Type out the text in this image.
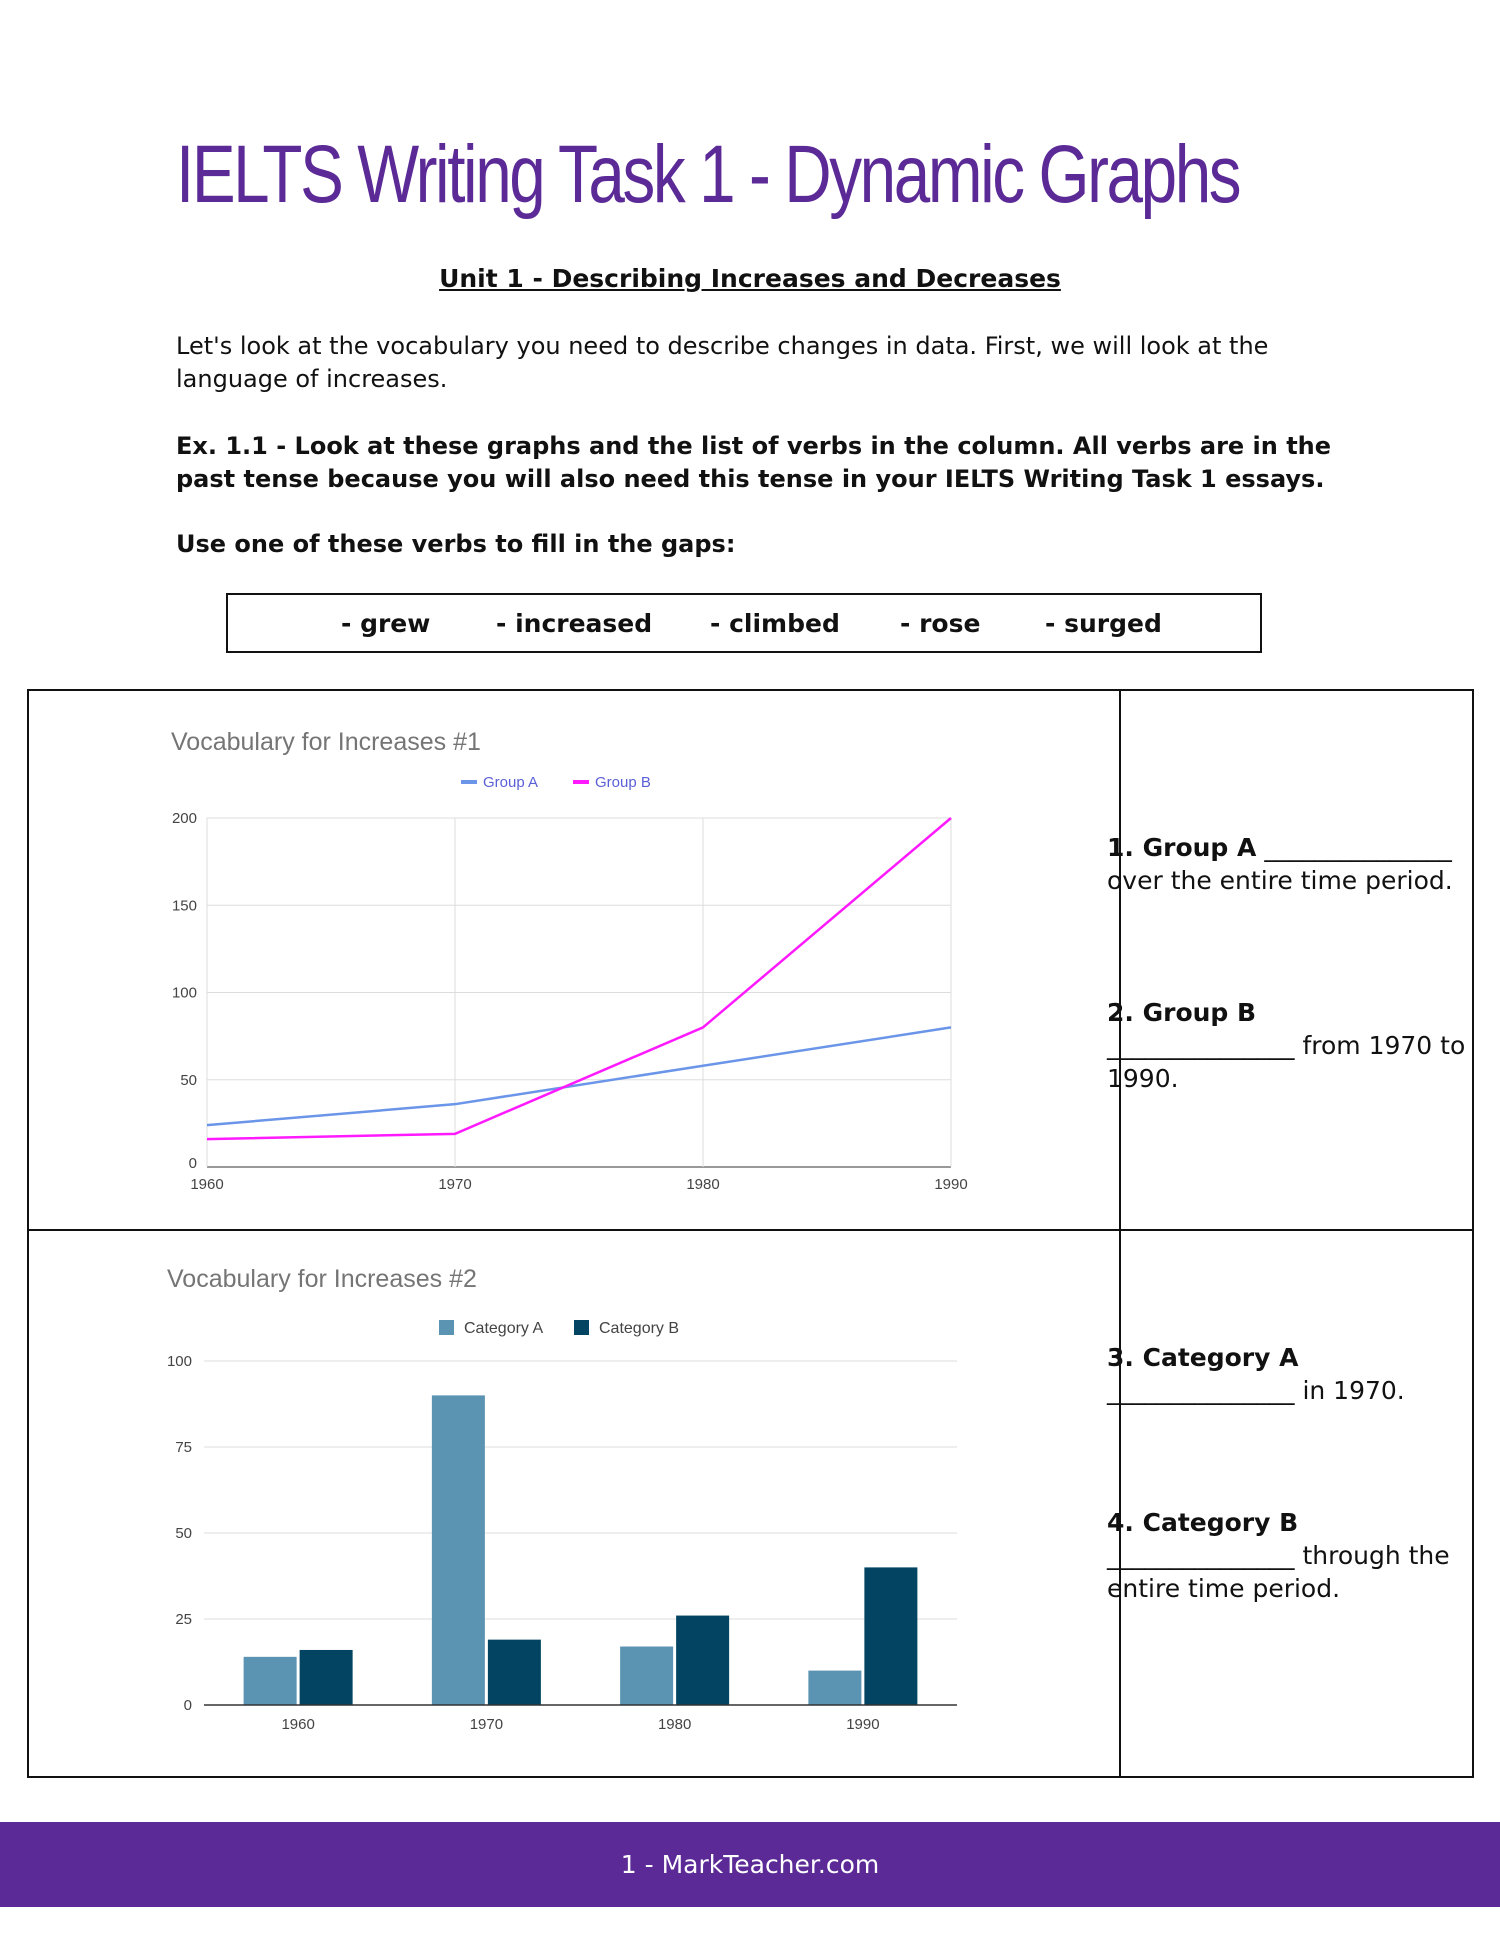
IELTS Writing Task 1 - Dynamic Graphs
Unit 1 - Describing Increases and Decreases

Let's look at the vocabulary you need to describe changes in data. First, we will look at the language of increases.

Ex. 1.1 - Look at these graphs and the list of verbs in the column. All verbs are in the past tense because you will also need this tense in your IELTS Writing Task 1 essays.

Use one of these verbs to fill in the gaps:

- grew	- increased - climbed - rose	- surged
Vocabulary for Increases #1
Group A	Group B
0
50
100
150
200
1960	1970	1980	1990
Vocabulary for Increases #2
Category A	Category B
0
25
50
75
100
1960	1970	1980	1990
1. Group A _______________ over the entire time period.
2. Group B
_______________ from 1970 to 1990.
3. Category A
_______________ in 1970.
4. Category B
_______________ through the entire time period.
1 - MarkTeacher.com
